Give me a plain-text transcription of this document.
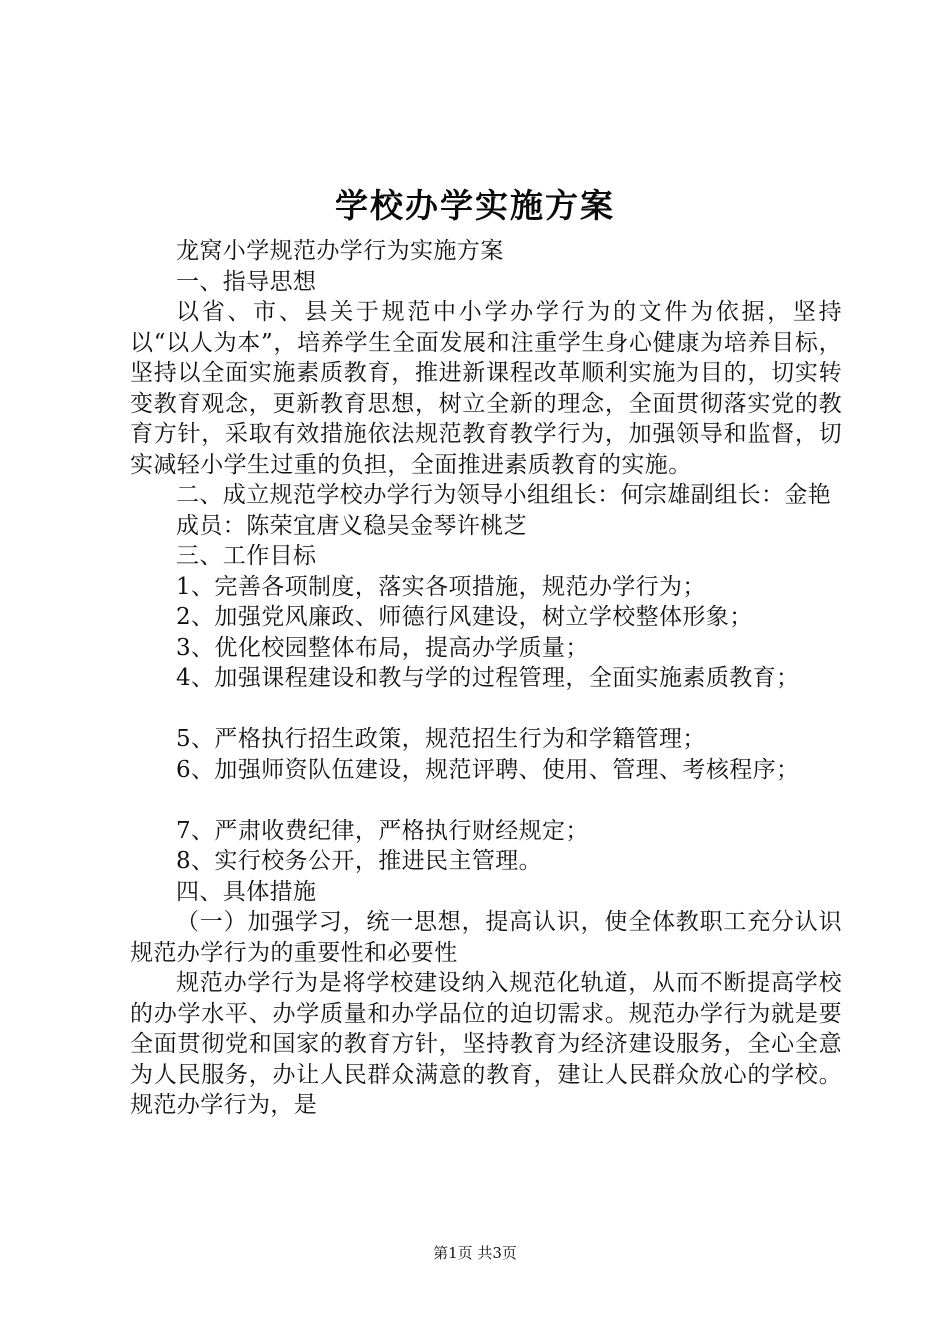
学校办学实施方案

龙窝小学规范办学行为实施方案

一、指导思想

以省、市、县关于规范中小学办学行为的文件为依据，坚持以“以人为本”，培养学生全面发展和注重学生身心健康为培养目标，坚持以全面实施素质教育，推进新课程改革顺利实施为目的，切实转变教育观念，更新教育思想，树立全新的理念，全面贯彻落实党的教育方针，采取有效措施依法规范教育教学行为，加强领导和监督，切实减轻小学生过重的负担，全面推进素质教育的实施。

二、成立规范学校办学行为领导小组组长：何宗雄副组长：金艳

成员：陈荣宜唐义稳吴金琴许桃芝

三、工作目标

1、完善各项制度，落实各项措施，规范办学行为；

2、加强党风廉政、师德行风建设，树立学校整体形象；

3、优化校园整体布局，提高办学质量；

4、加强课程建设和教与学的过程管理，全面实施素质教育；

5、严格执行招生政策，规范招生行为和学籍管理；

6、加强师资队伍建设，规范评聘、使用、管理、考核程序；

7、严肃收费纪律，严格执行财经规定；

8、实行校务公开，推进民主管理。

四、具体措施

（一）加强学习，统一思想，提高认识，使全体教职工充分认识规范办学行为的重要性和必要性

规范办学行为是将学校建设纳入规范化轨道，从而不断提高学校的办学水平、办学质量和办学品位的迫切需求。规范办学行为就是要全面贯彻党和国家的教育方针，坚持教育为经济建设服务，全心全意为人民服务，办让人民群众满意的教育，建让人民群众放心的学校。规范办学行为，是

第1页 共3页
